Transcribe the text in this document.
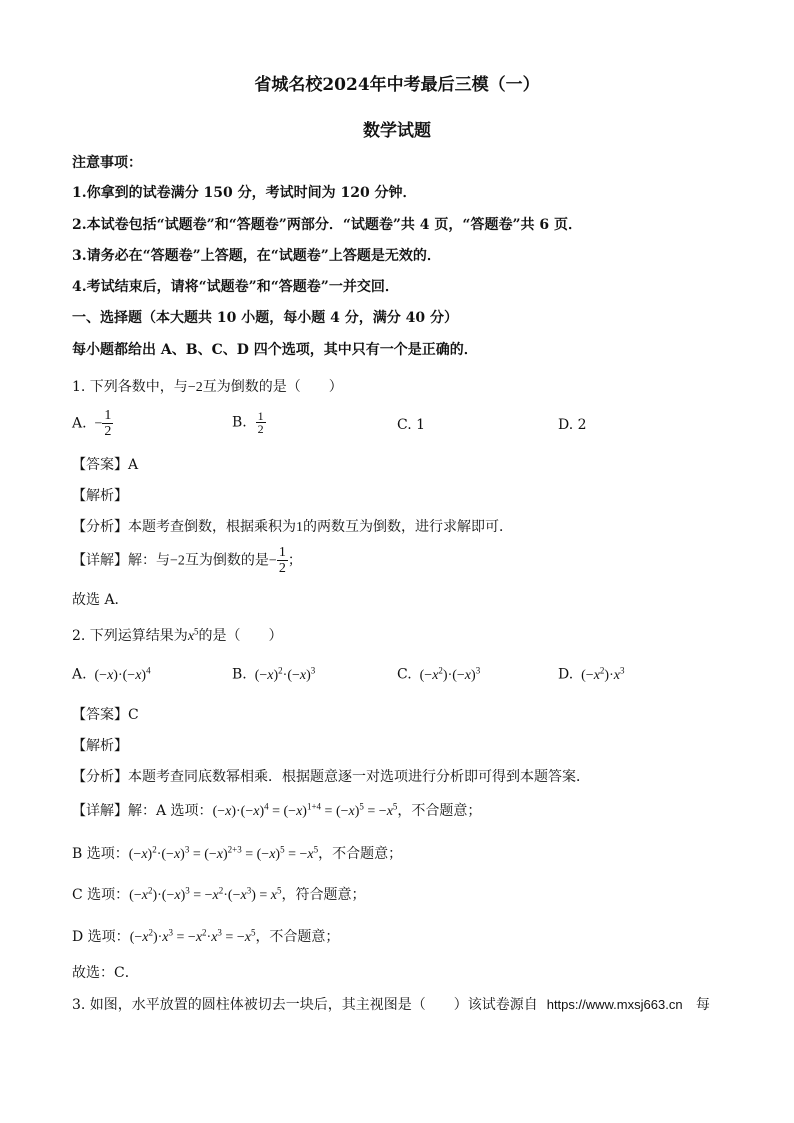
省城名校2024年中考最后三模（一）
数学试题
注意事项：
1.你拿到的试卷满分 150 分，考试时间为 120 分钟．
2.本试卷包括“试题卷”和“答题卷”两部分．“试题卷”共 4 页，“答题卷”共 6 页．
3.请务必在“答题卷”上答题，在“试题卷”上答题是无效的．
4.考试结束后，请将“试题卷”和“答题卷”一并交回．
一、选择题（本大题共 10 小题，每小题 4 分，满分 40 分）
每小题都给出 A、B、C、D 四个选项，其中只有一个是正确的．
1. 下列各数中，与−2互为倒数的是（　　）
A.  − $\frac{1}{2}$	B. $\frac{1}{2}$	C. 1	D. 2
【答案】A
【解析】
【分析】本题考查倒数，根据乘积为1的两数互为倒数，进行求解即可．
【详解】解：与−2互为倒数的是− $\frac{1}{2}$ ；
故选 A．
2. 下列运算结果为$x^5$的是（　　）
A.  $(-x)\cdot(-x)^4$	B.  $(-x)^2\cdot(-x)^3$	C.  $(-x^2)\cdot(-x)^3$	D.  $(-x^2)\cdot x^3$
【答案】C
【解析】
【分析】本题考查同底数幂相乘．根据题意逐一对选项进行分析即可得到本题答案．
【详解】解：A 选项：$(-x)\cdot(-x)^4 = (-x)^{1+4} = (-x)^5 = -x^5$，不合题意；
B 选项：$(-x)^2\cdot(-x)^3 = (-x)^{2+3} = (-x)^5 = -x^5$，不合题意；
C 选项：$(-x^2)\cdot(-x)^3 = -x^2\cdot(-x^3) = x^5$，符合题意；
D 选项：$(-x^2)\cdot x^3 = -x^2\cdot x^3 = -x^5$，不合题意；
故选：C．
3. 如图，水平放置的圆柱体被切去一块后，其主视图是（　　）该试卷源自 https://www.mxsj663.cn 每
